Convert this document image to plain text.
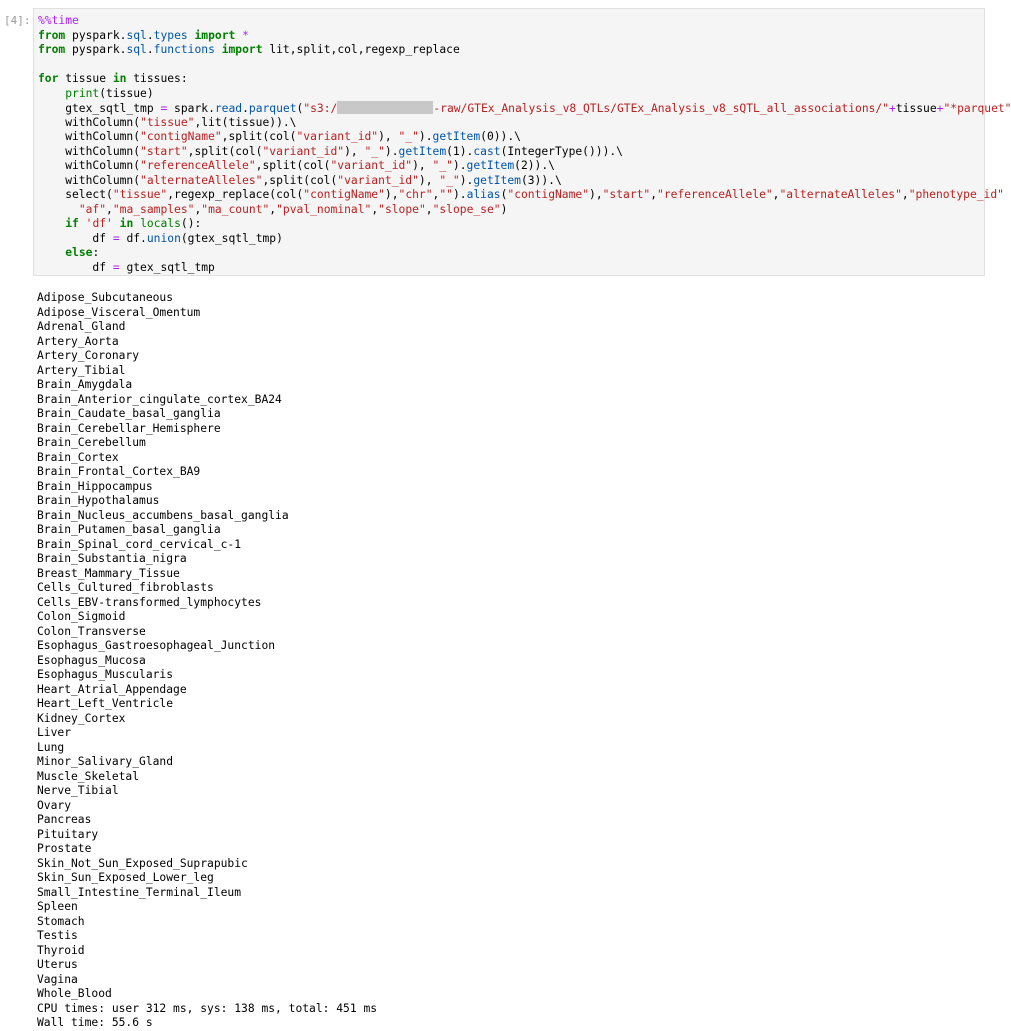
[4]: %%time
from pyspark.sql.types import *
from pyspark.sql.functions import lit,split,col,regexp_replace
for tissue in tissues:
print(tissue)
gtex_sqtl_tmp = spark.read.parquet("s3:/	-raw/GTEx_Analysis_v8_QTLs/GTEx_Analysis_v8_sQTL_all_associations/"+tissue+"*parquet"
withColumn("tissue",lit(tissue)).\
withColumn("contigName",split(col("variant_id"), "_").getItem(0)).\
withColumn("start",split(col("variant_id"), "_").getItem(1).cast(IntegerType())).\
withColumn("referenceAllele",split(col("variant_id"), "_").getItem(2)).\
withColumn("alternateAlleles",split(col("variant_id"), "_").getItem(3)).\
select("tissue",regexp_replace(col("contigName"),"chr","").alias("contigName"),"start","referenceAllele","alternateAlleles","phenotype_id"
"af","ma_samples","ma_count","pval_nominal","slope","slope_se")
if 'df' in locals():
df = df.union(gtex_sqtl_tmp)
else:
df = gtex_sqtl_tmp
Adipose_Subcutaneous
Adipose_Visceral_Omentum
Adrenal_Gland
Artery_Aorta
Artery_Coronary
Artery_Tibial
Brain_Amygdala
Brain_Anterior_cingulate_cortex_BA24
Brain_Caudate_basal_ganglia
Brain_Cerebellar_Hemisphere
Brain_Cerebellum
Brain_Cortex
Brain_Frontal_Cortex_BA9
Brain_Hippocampus
Brain_Hypothalamus
Brain_Nucleus_accumbens_basal_ganglia
Brain_Putamen_basal_ganglia
Brain_Spinal_cord_cervical_c-1
Brain_Substantia_nigra
Breast_Mammary_Tissue
Cells_Cultured_fibroblasts
Cells_EBV-transformed_lymphocytes
Colon_Sigmoid
Colon_Transverse
Esophagus_Gastroesophageal_Junction
Esophagus_Mucosa
Esophagus_Muscularis
Heart_Atrial_Appendage
Heart_Left_Ventricle
Kidney_Cortex
Liver
Lung
Minor_Salivary_Gland
Muscle_Skeletal
Nerve_Tibial
Ovary
Pancreas
Pituitary
Prostate
Skin_Not_Sun_Exposed_Suprapubic
Skin_Sun_Exposed_Lower_leg
Small_Intestine_Terminal_Ileum
Spleen
Stomach
Testis
Thyroid
Uterus
Vagina
Whole_Blood
CPU times: user 312 ms, sys: 138 ms, total: 451 ms
Wall time: 55.6 s
